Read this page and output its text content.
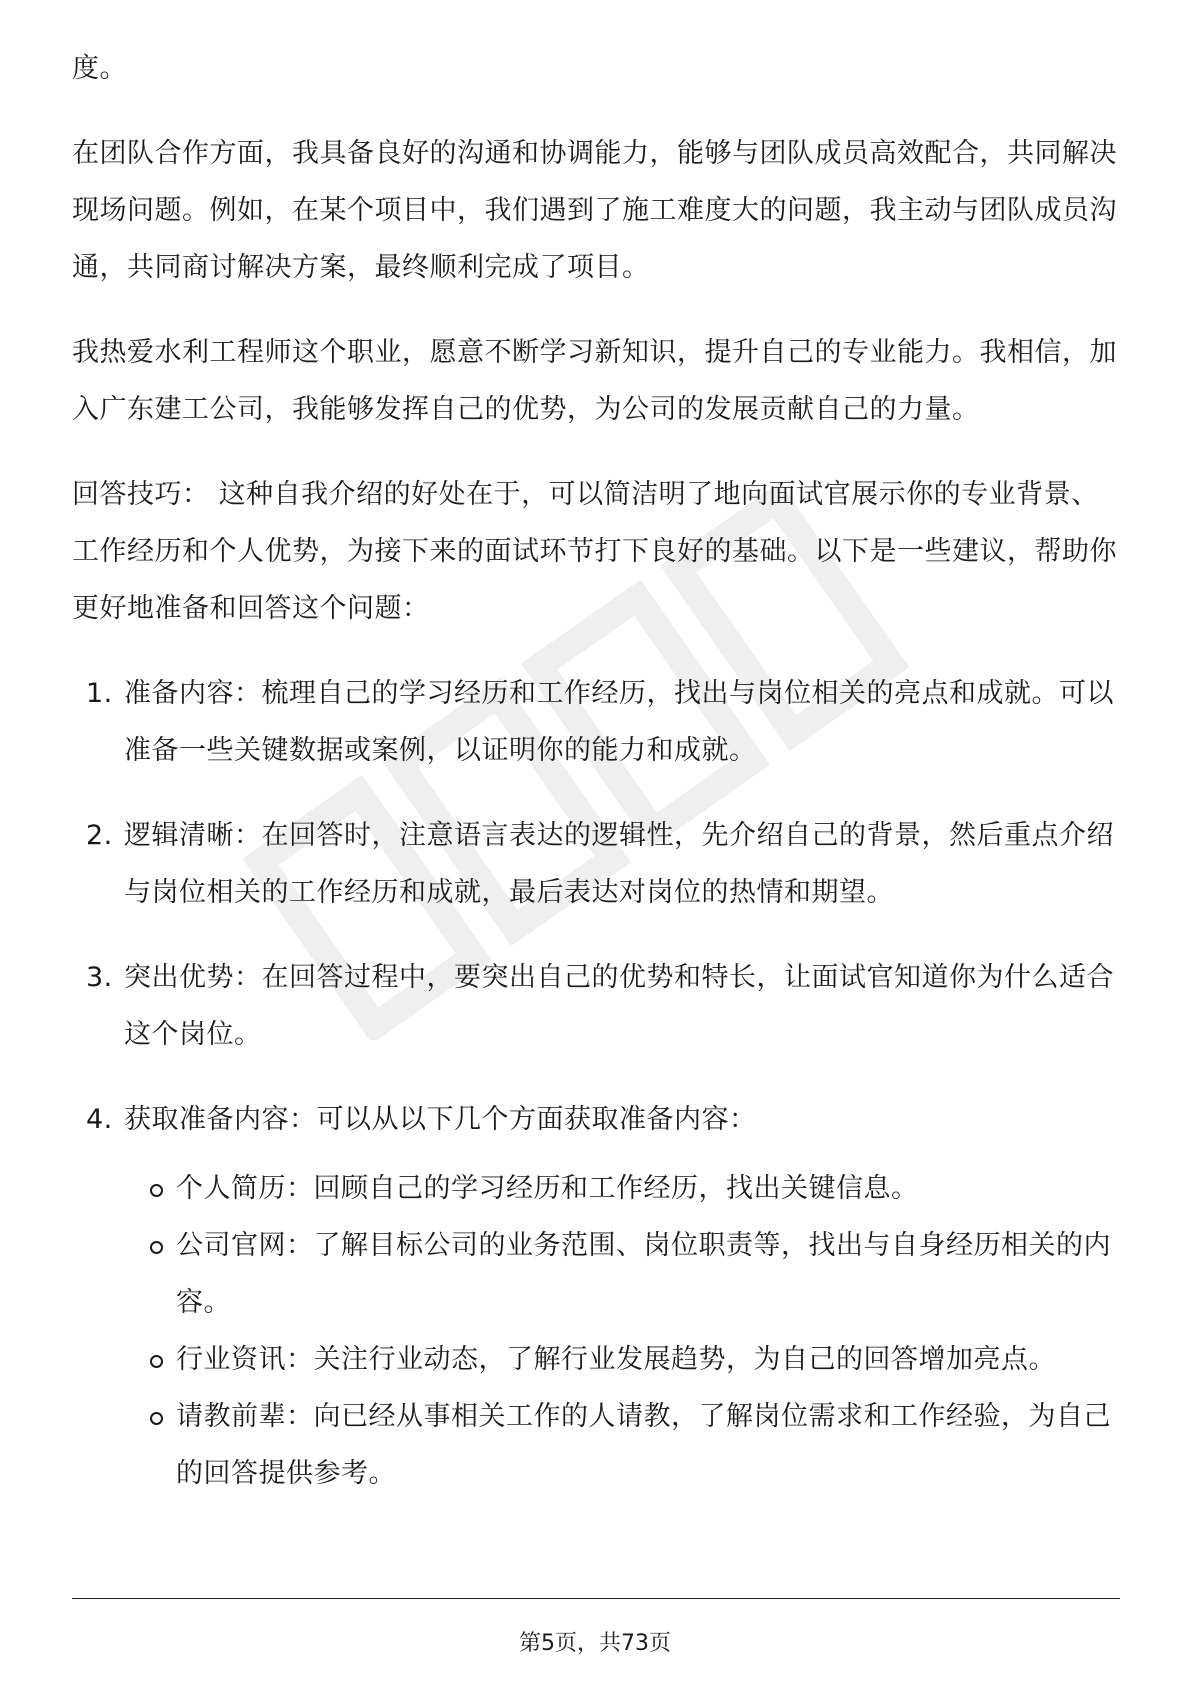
度。

在团队合作方面，我具备良好的沟通和协调能力，能够与团队成员高效配合，共同解决现场问题。例如，在某个项目中，我们遇到了施工难度大的问题，我主动与团队成员沟通，共同商讨解决方案，最终顺利完成了项目。

我热爱水利工程师这个职业，愿意不断学习新知识，提升自己的专业能力。我相信，加入广东建工公司，我能够发挥自己的优势，为公司的发展贡献自己的力量。

回答技巧： 这种自我介绍的好处在于，可以简洁明了地向面试官展示你的专业背景、工作经历和个人优势，为接下来的面试环节打下良好的基础。以下是一些建议，帮助你更好地准备和回答这个问题：

1. 准备内容：梳理自己的学习经历和工作经历，找出与岗位相关的亮点和成就。可以准备一些关键数据或案例，以证明你的能力和成就。
2. 逻辑清晰：在回答时，注意语言表达的逻辑性，先介绍自己的背景，然后重点介绍与岗位相关的工作经历和成就，最后表达对岗位的热情和期望。
3. 突出优势：在回答过程中，要突出自己的优势和特长，让面试官知道你为什么适合这个岗位。
4. 获取准备内容：可以从以下几个方面获取准备内容：
个人简历：回顾自己的学习经历和工作经历，找出关键信息。
公司官网：了解目标公司的业务范围、岗位职责等，找出与自身经历相关的内容。
行业资讯：关注行业动态，了解行业发展趋势，为自己的回答增加亮点。
请教前辈：向已经从事相关工作的人请教，了解岗位需求和工作经验，为自己的回答提供参考。
第5页，共73页
